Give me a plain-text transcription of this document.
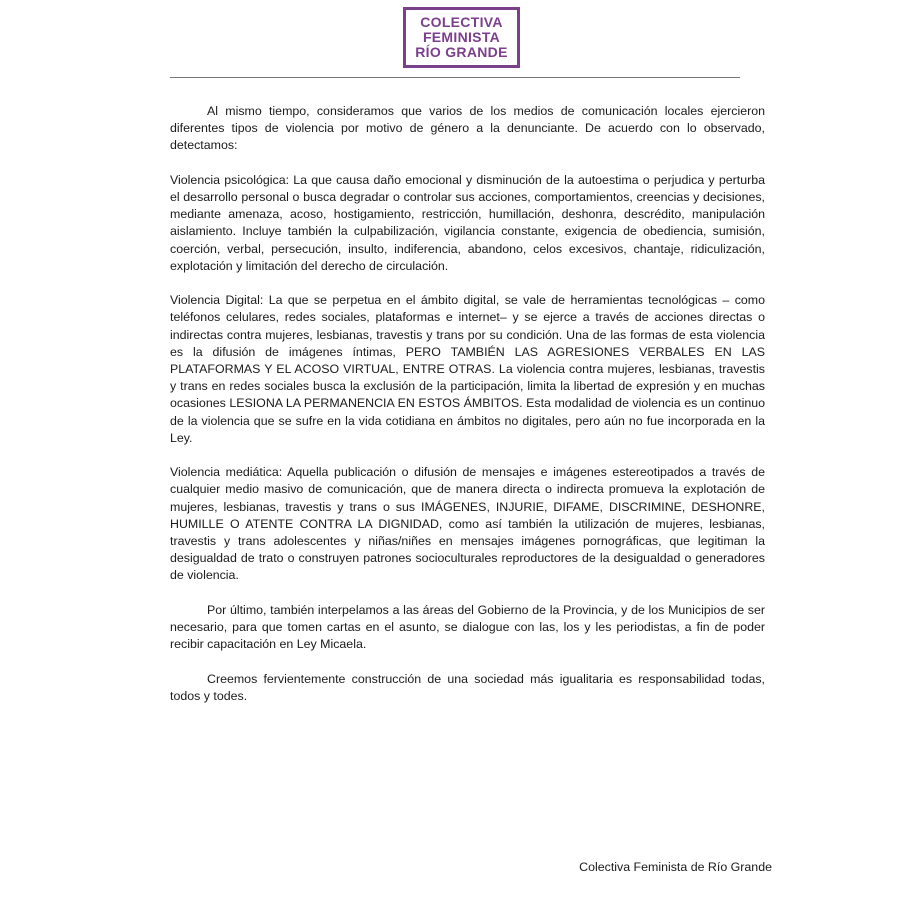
COLECTIVA
FEMINISTA
RÍO GRANDE

Al mismo tiempo, consideramos que varios de los medios de comunicación locales ejercieron diferentes tipos de violencia por motivo de género a la denunciante. De acuerdo con lo observado, detectamos:

Violencia psicológica: La que causa daño emocional y disminución de la autoestima o perjudica y perturba el desarrollo personal o busca degradar o controlar sus acciones, comportamientos, creencias y decisiones, mediante amenaza, acoso, hostigamiento, restricción, humillación, deshonra, descrédito, manipulación aislamiento. Incluye también la culpabilización, vigilancia constante, exigencia de obediencia, sumisión, coerción, verbal, persecución, insulto, indiferencia, abandono, celos excesivos, chantaje, ridiculización, explotación y limitación del derecho de circulación.

Violencia Digital: La que se perpetua en el ámbito digital, se vale de herramientas tecnológicas – como teléfonos celulares, redes sociales, plataformas e internet– y se ejerce a través de acciones directas o indirectas contra mujeres, lesbianas, travestis y trans por su condición. Una de las formas de esta violencia es la difusión de imágenes íntimas, PERO TAMBIÉN LAS AGRESIONES VERBALES EN LAS PLATAFORMAS Y EL ACOSO VIRTUAL, ENTRE OTRAS. La violencia contra mujeres, lesbianas, travestis y trans en redes sociales busca la exclusión de la participación, limita la libertad de expresión y en muchas ocasiones LESIONA LA PERMANENCIA EN ESTOS ÁMBITOS. Esta modalidad de violencia es un continuo de la violencia que se sufre en la vida cotidiana en ámbitos no digitales, pero aún no fue incorporada en la Ley.

Violencia mediática: Aquella publicación o difusión de mensajes e imágenes estereotipados a través de cualquier medio masivo de comunicación, que de manera directa o indirecta promueva la explotación de mujeres, lesbianas, travestis y trans o sus IMÁGENES, INJURIE, DIFAME, DISCRIMINE, DESHONRE, HUMILLE O ATENTE CONTRA LA DIGNIDAD, como así también la utilización de mujeres, lesbianas, travestis y trans adolescentes y niñas/niñes en mensajes imágenes pornográficas, que legitiman la desigualdad de trato o construyen patrones socioculturales reproductores de la desigualdad o generadores de violencia.

Por último, también interpelamos a las áreas del Gobierno de la Provincia, y de los Municipios de ser necesario, para que tomen cartas en el asunto, se dialogue con las, los y les periodistas, a fin de poder recibir capacitación en Ley Micaela.

Creemos fervientemente construcción de una sociedad más igualitaria es responsabilidad todas, todos y todes.

Colectiva Feminista de Río Grande
